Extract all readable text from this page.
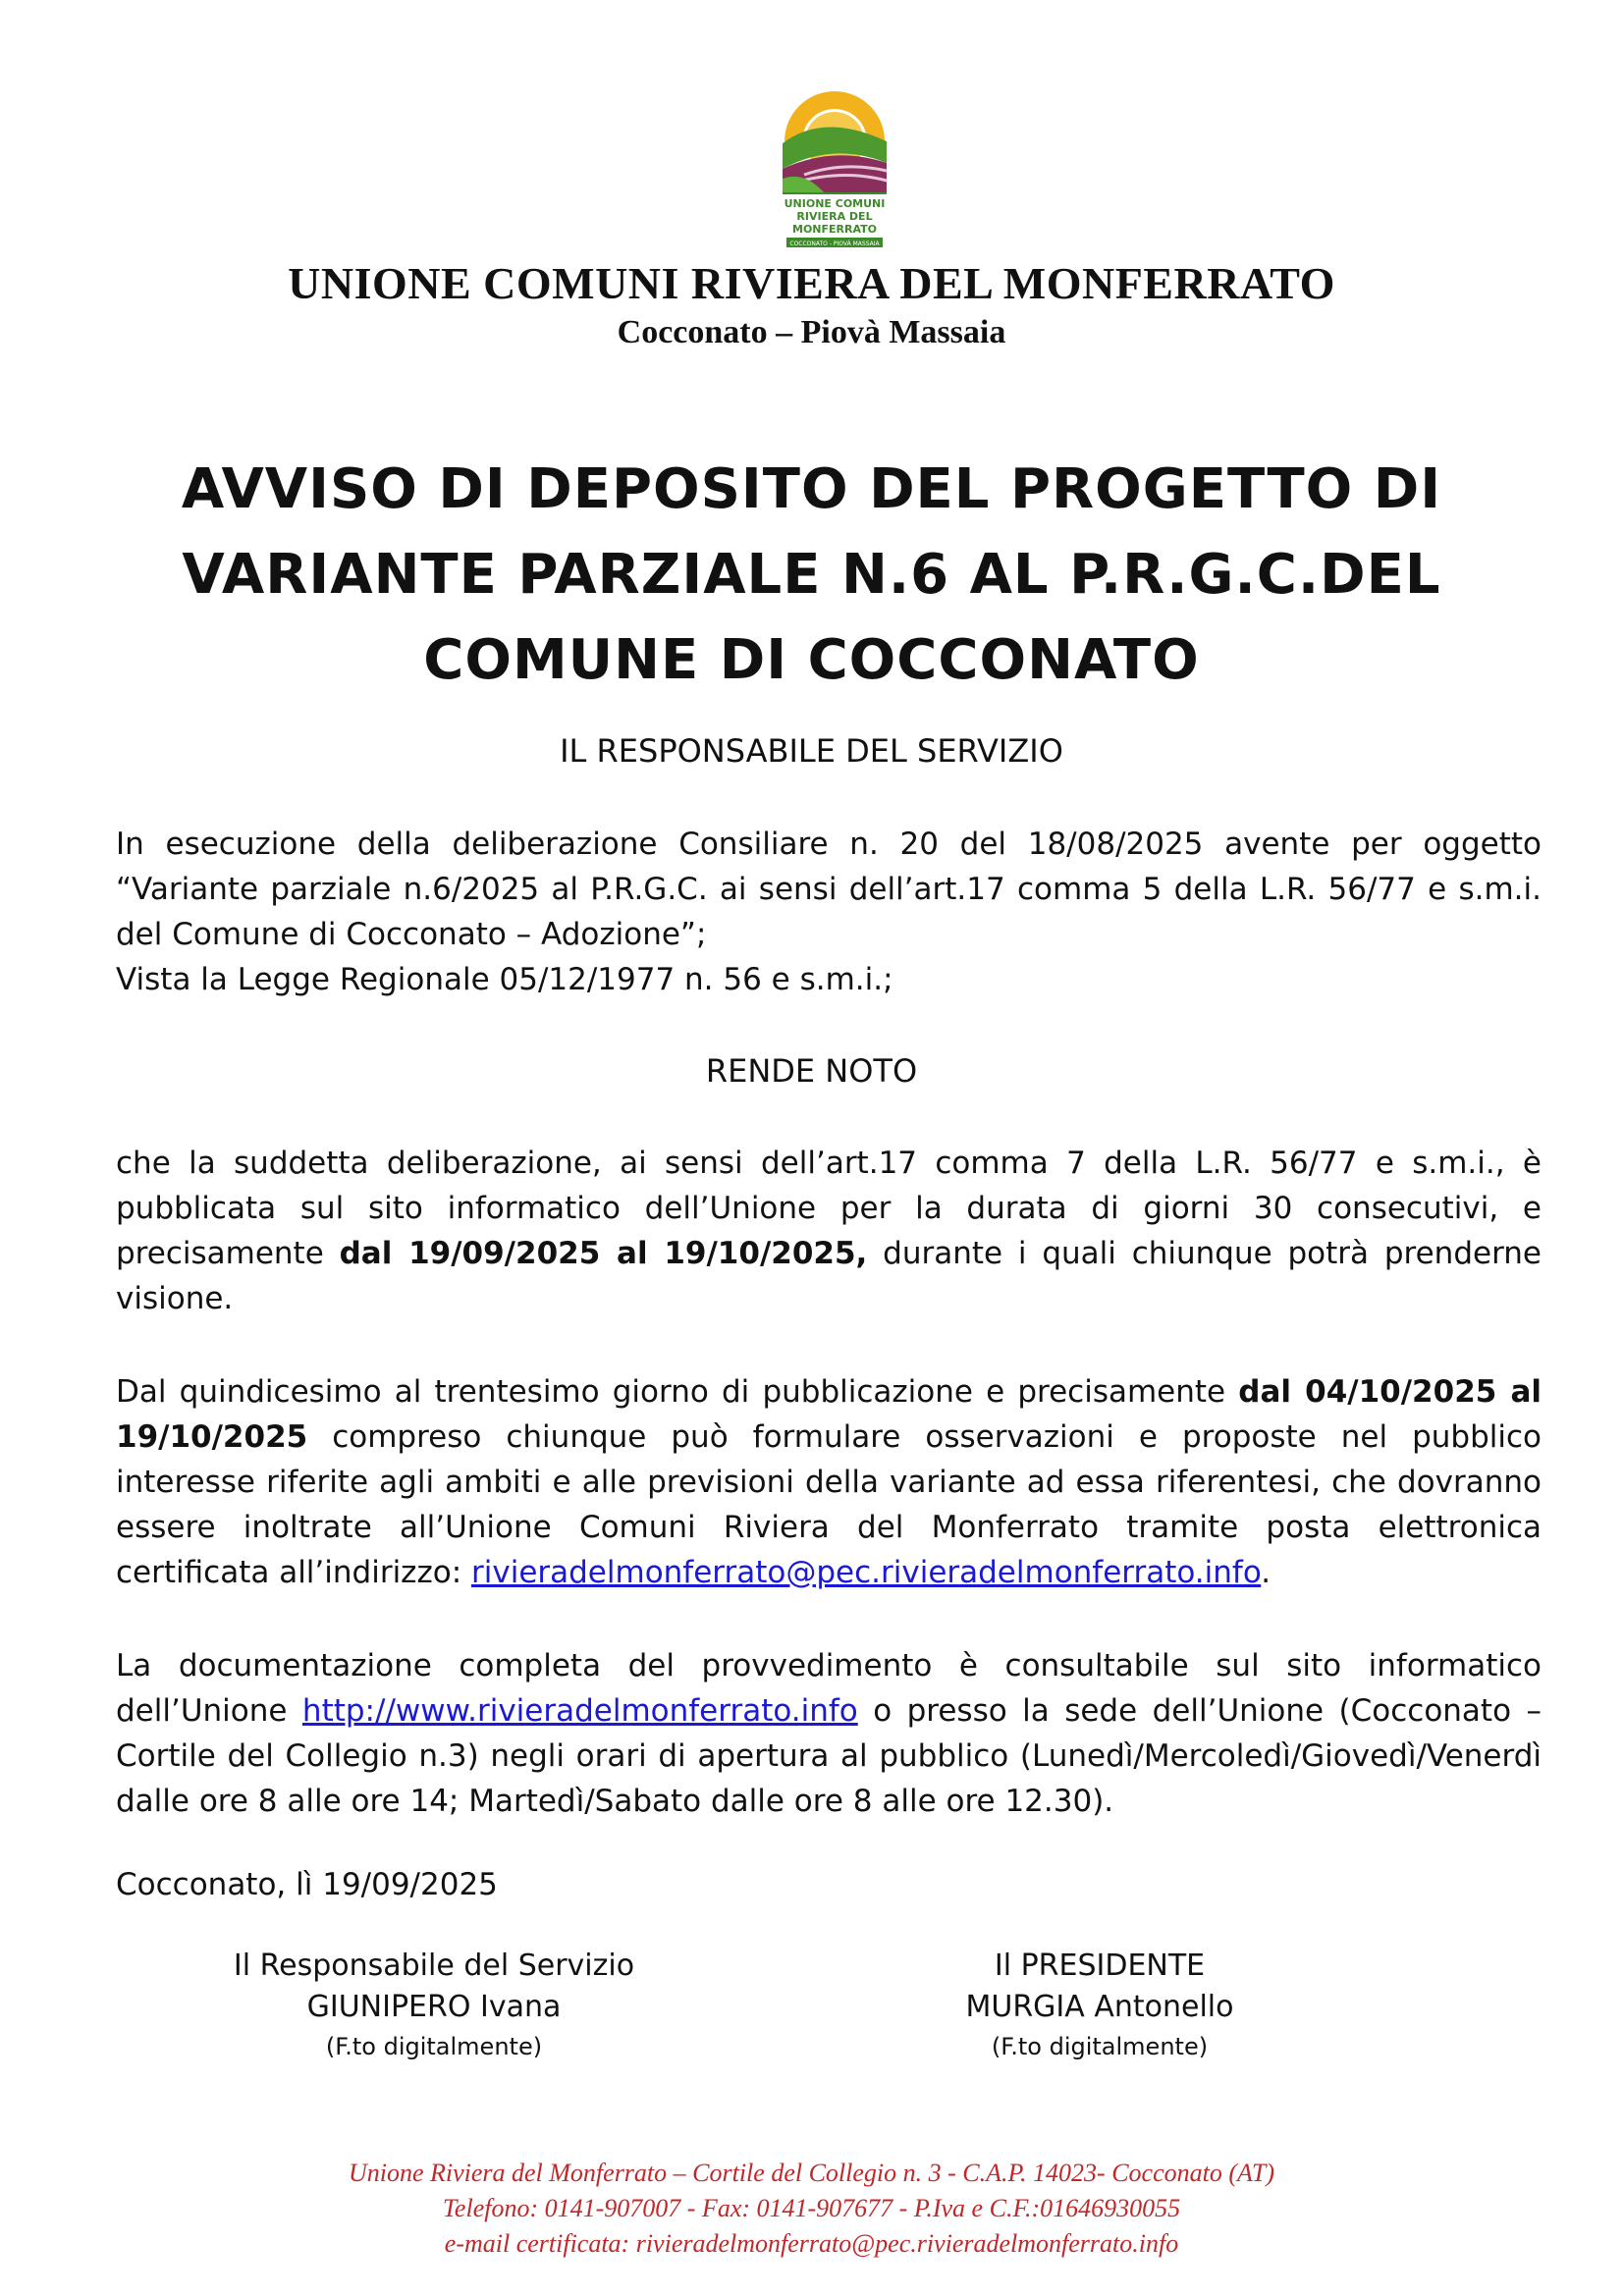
UNIONE COMUNI
RIVIERA DEL
MONFERRATO
COCCONATO - PIOVÀ MASSAIA
UNIONE COMUNI RIVIERA DEL MONFERRATO
Cocconato – Piovà Massaia
AVVISO DI DEPOSITO DEL PROGETTO DI
VARIANTE PARZIALE N.6 AL P.R.G.C.DEL
COMUNE DI COCCONATO
IL RESPONSABILE DEL SERVIZIO

In esecuzione della deliberazione Consiliare n. 20 del 18/08/2025 avente per oggetto “Variante parziale n.6/2025 al P.R.G.C. ai sensi dell’art.17 comma 5 della L.R. 56/77 e s.m.i. del Comune di Cocconato – Adozione”;

Vista la Legge Regionale 05/12/1977 n. 56 e s.m.i.;

RENDE NOTO

che la suddetta deliberazione, ai sensi dell’art.17 comma 7 della L.R. 56/77 e s.m.i., è pubblicata sul sito informatico dell’Unione per la durata di giorni 30 consecutivi, e precisamente dal 19/09/2025 al 19/10/2025, durante i quali chiunque potrà prenderne visione.

Dal quindicesimo al trentesimo giorno di pubblicazione e precisamente dal 04/10/2025 al 19/10/2025 compreso chiunque può formulare osservazioni e proposte nel pubblico interesse riferite agli ambiti e alle previsioni della variante ad essa riferentesi, che dovranno essere inoltrate all’Unione Comuni Riviera del Monferrato tramite posta elettronica certificata all’indirizzo: rivieradelmonferrato@pec.rivieradelmonferrato.info.

La documentazione completa del provvedimento è consultabile sul sito informatico dell’Unione http://www.rivieradelmonferrato.info o presso la sede dell’Unione (Cocconato – Cortile del Collegio n.3) negli orari di apertura al pubblico (Lunedì/Mercoledì/Giovedì/Venerdì dalle ore 8 alle ore 14; Martedì/Sabato dalle ore 8 alle ore 12.30).

Cocconato, lì 19/09/2025
Il Responsabile del Servizio
GIUNIPERO Ivana
(F.to digitalmente)
Il PRESIDENTE
MURGIA Antonello
(F.to digitalmente)
Unione Riviera del Monferrato – Cortile del Collegio n. 3 - C.A.P. 14023- Cocconato (AT)
Telefono: 0141-907007 - Fax: 0141-907677 - P.Iva e C.F.:01646930055
e-mail certificata: rivieradelmonferrato@pec.rivieradelmonferrato.info
